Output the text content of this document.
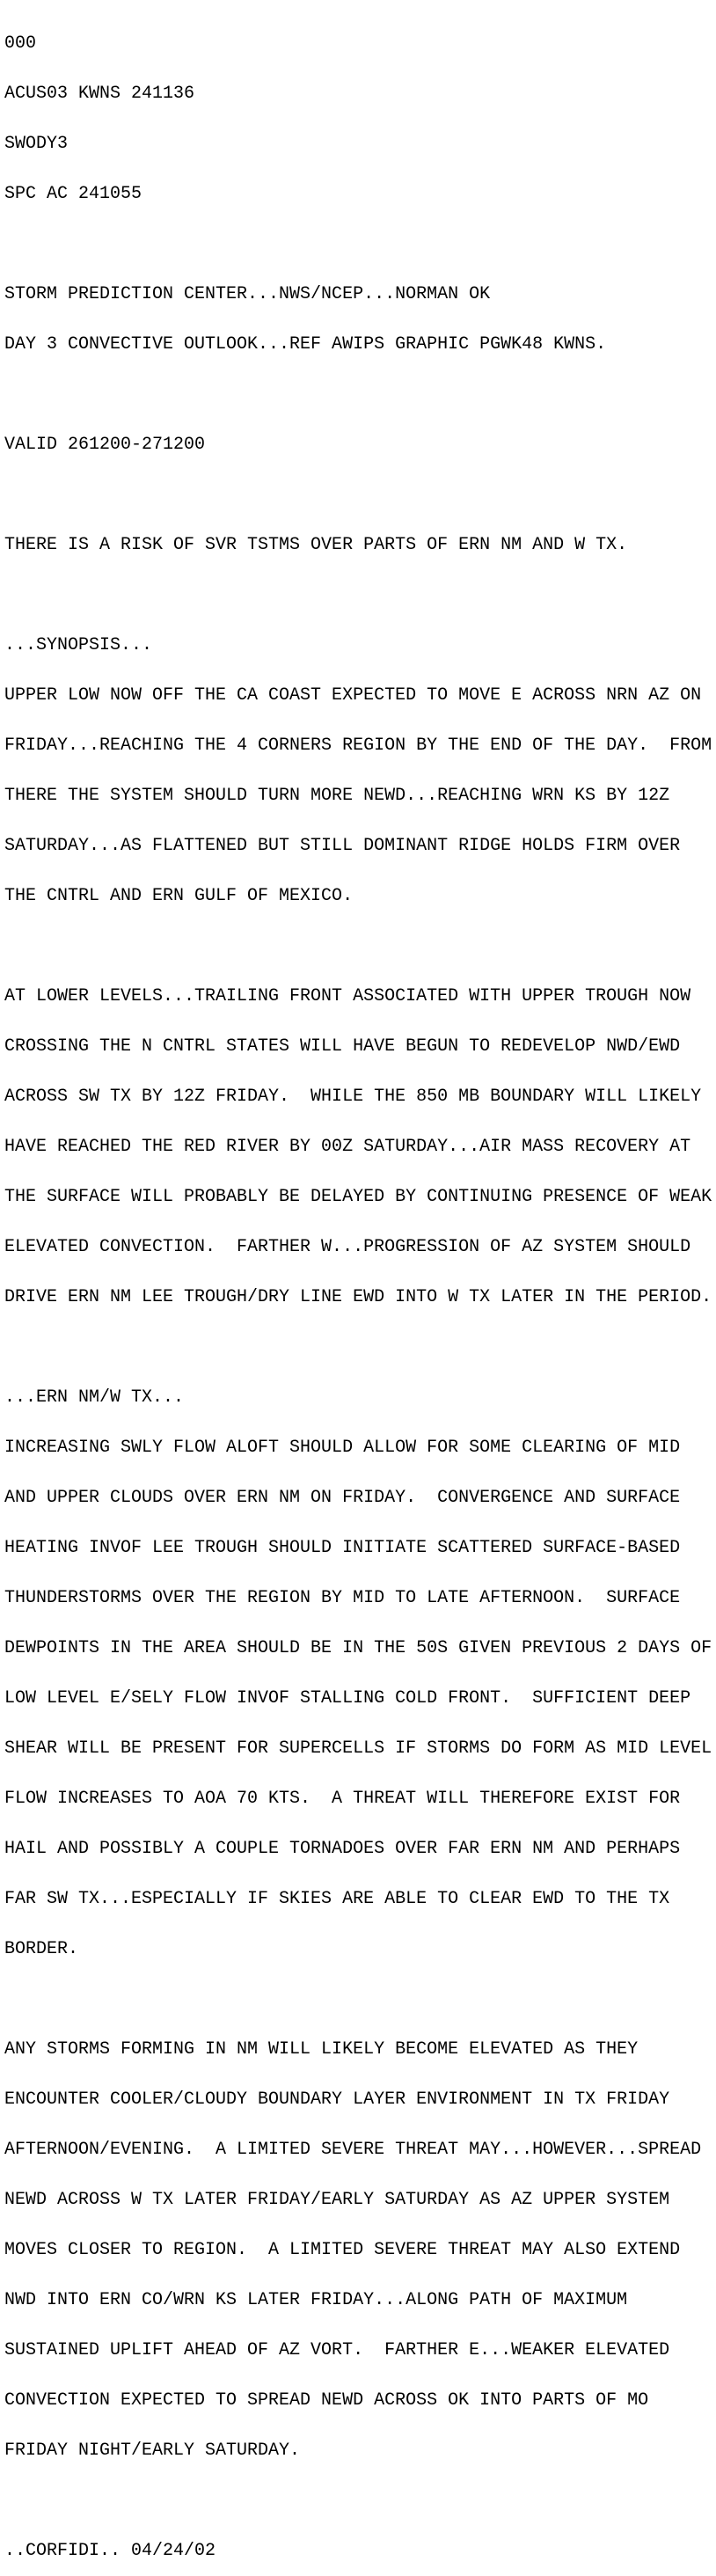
000

ACUS03 KWNS 241136

SWODY3

SPC AC 241055

STORM PREDICTION CENTER...NWS/NCEP...NORMAN OK

DAY 3 CONVECTIVE OUTLOOK...REF AWIPS GRAPHIC PGWK48 KWNS.

VALID 261200-271200

THERE IS A RISK OF SVR TSTMS OVER PARTS OF ERN NM AND W TX.

...SYNOPSIS...

UPPER LOW NOW OFF THE CA COAST EXPECTED TO MOVE E ACROSS NRN AZ ON

FRIDAY...REACHING THE 4 CORNERS REGION BY THE END OF THE DAY.  FROM

THERE THE SYSTEM SHOULD TURN MORE NEWD...REACHING WRN KS BY 12Z

SATURDAY...AS FLATTENED BUT STILL DOMINANT RIDGE HOLDS FIRM OVER

THE CNTRL AND ERN GULF OF MEXICO.

AT LOWER LEVELS...TRAILING FRONT ASSOCIATED WITH UPPER TROUGH NOW

CROSSING THE N CNTRL STATES WILL HAVE BEGUN TO REDEVELOP NWD/EWD

ACROSS SW TX BY 12Z FRIDAY.  WHILE THE 850 MB BOUNDARY WILL LIKELY

HAVE REACHED THE RED RIVER BY 00Z SATURDAY...AIR MASS RECOVERY AT

THE SURFACE WILL PROBABLY BE DELAYED BY CONTINUING PRESENCE OF WEAK

ELEVATED CONVECTION.  FARTHER W...PROGRESSION OF AZ SYSTEM SHOULD

DRIVE ERN NM LEE TROUGH/DRY LINE EWD INTO W TX LATER IN THE PERIOD.

...ERN NM/W TX...

INCREASING SWLY FLOW ALOFT SHOULD ALLOW FOR SOME CLEARING OF MID

AND UPPER CLOUDS OVER ERN NM ON FRIDAY.  CONVERGENCE AND SURFACE

HEATING INVOF LEE TROUGH SHOULD INITIATE SCATTERED SURFACE-BASED

THUNDERSTORMS OVER THE REGION BY MID TO LATE AFTERNOON.  SURFACE

DEWPOINTS IN THE AREA SHOULD BE IN THE 50S GIVEN PREVIOUS 2 DAYS OF

LOW LEVEL E/SELY FLOW INVOF STALLING COLD FRONT.  SUFFICIENT DEEP

SHEAR WILL BE PRESENT FOR SUPERCELLS IF STORMS DO FORM AS MID LEVEL

FLOW INCREASES TO AOA 70 KTS.  A THREAT WILL THEREFORE EXIST FOR

HAIL AND POSSIBLY A COUPLE TORNADOES OVER FAR ERN NM AND PERHAPS

FAR SW TX...ESPECIALLY IF SKIES ARE ABLE TO CLEAR EWD TO THE TX

BORDER.

ANY STORMS FORMING IN NM WILL LIKELY BECOME ELEVATED AS THEY

ENCOUNTER COOLER/CLOUDY BOUNDARY LAYER ENVIRONMENT IN TX FRIDAY

AFTERNOON/EVENING.  A LIMITED SEVERE THREAT MAY...HOWEVER...SPREAD

NEWD ACROSS W TX LATER FRIDAY/EARLY SATURDAY AS AZ UPPER SYSTEM

MOVES CLOSER TO REGION.  A LIMITED SEVERE THREAT MAY ALSO EXTEND

NWD INTO ERN CO/WRN KS LATER FRIDAY...ALONG PATH OF MAXIMUM

SUSTAINED UPLIFT AHEAD OF AZ VORT.  FARTHER E...WEAKER ELEVATED

CONVECTION EXPECTED TO SPREAD NEWD ACROSS OK INTO PARTS OF MO

FRIDAY NIGHT/EARLY SATURDAY.

..CORFIDI.. 04/24/02
